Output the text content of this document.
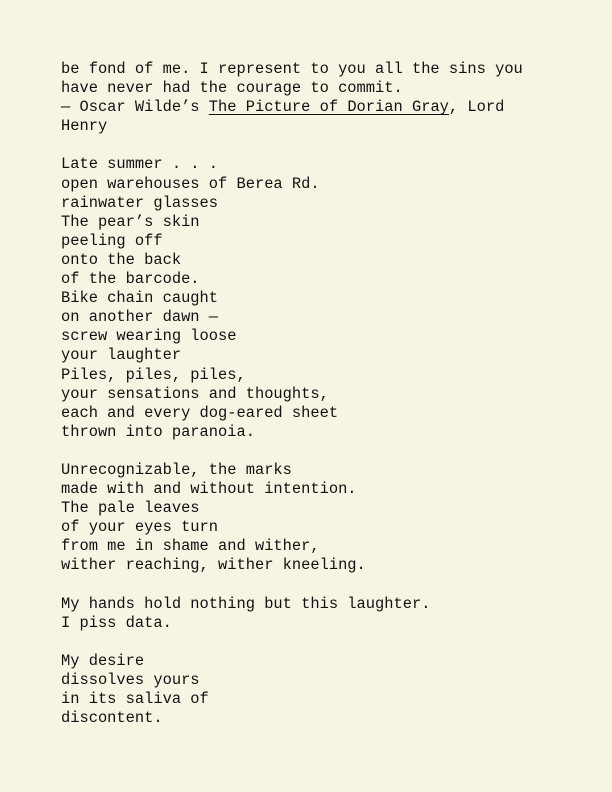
be fond of me. I represent to you all the sins you
have never had the courage to commit.
— Oscar Wilde’s The Picture of Dorian Gray, Lord
Henry
Late summer . . .
open warehouses of Berea Rd.
rainwater glasses
The pear’s skin
peeling off
onto the back
of the barcode.
Bike chain caught
on another dawn —
screw wearing loose
your laughter
Piles, piles, piles,
your sensations and thoughts,
each and every dog-eared sheet
thrown into paranoia.
Unrecognizable, the marks
made with and without intention.
The pale leaves
of your eyes turn
from me in shame and wither,
wither reaching, wither kneeling.
My hands hold nothing but this laughter.
I piss data.
My desire
dissolves yours
in its saliva of
discontent.
